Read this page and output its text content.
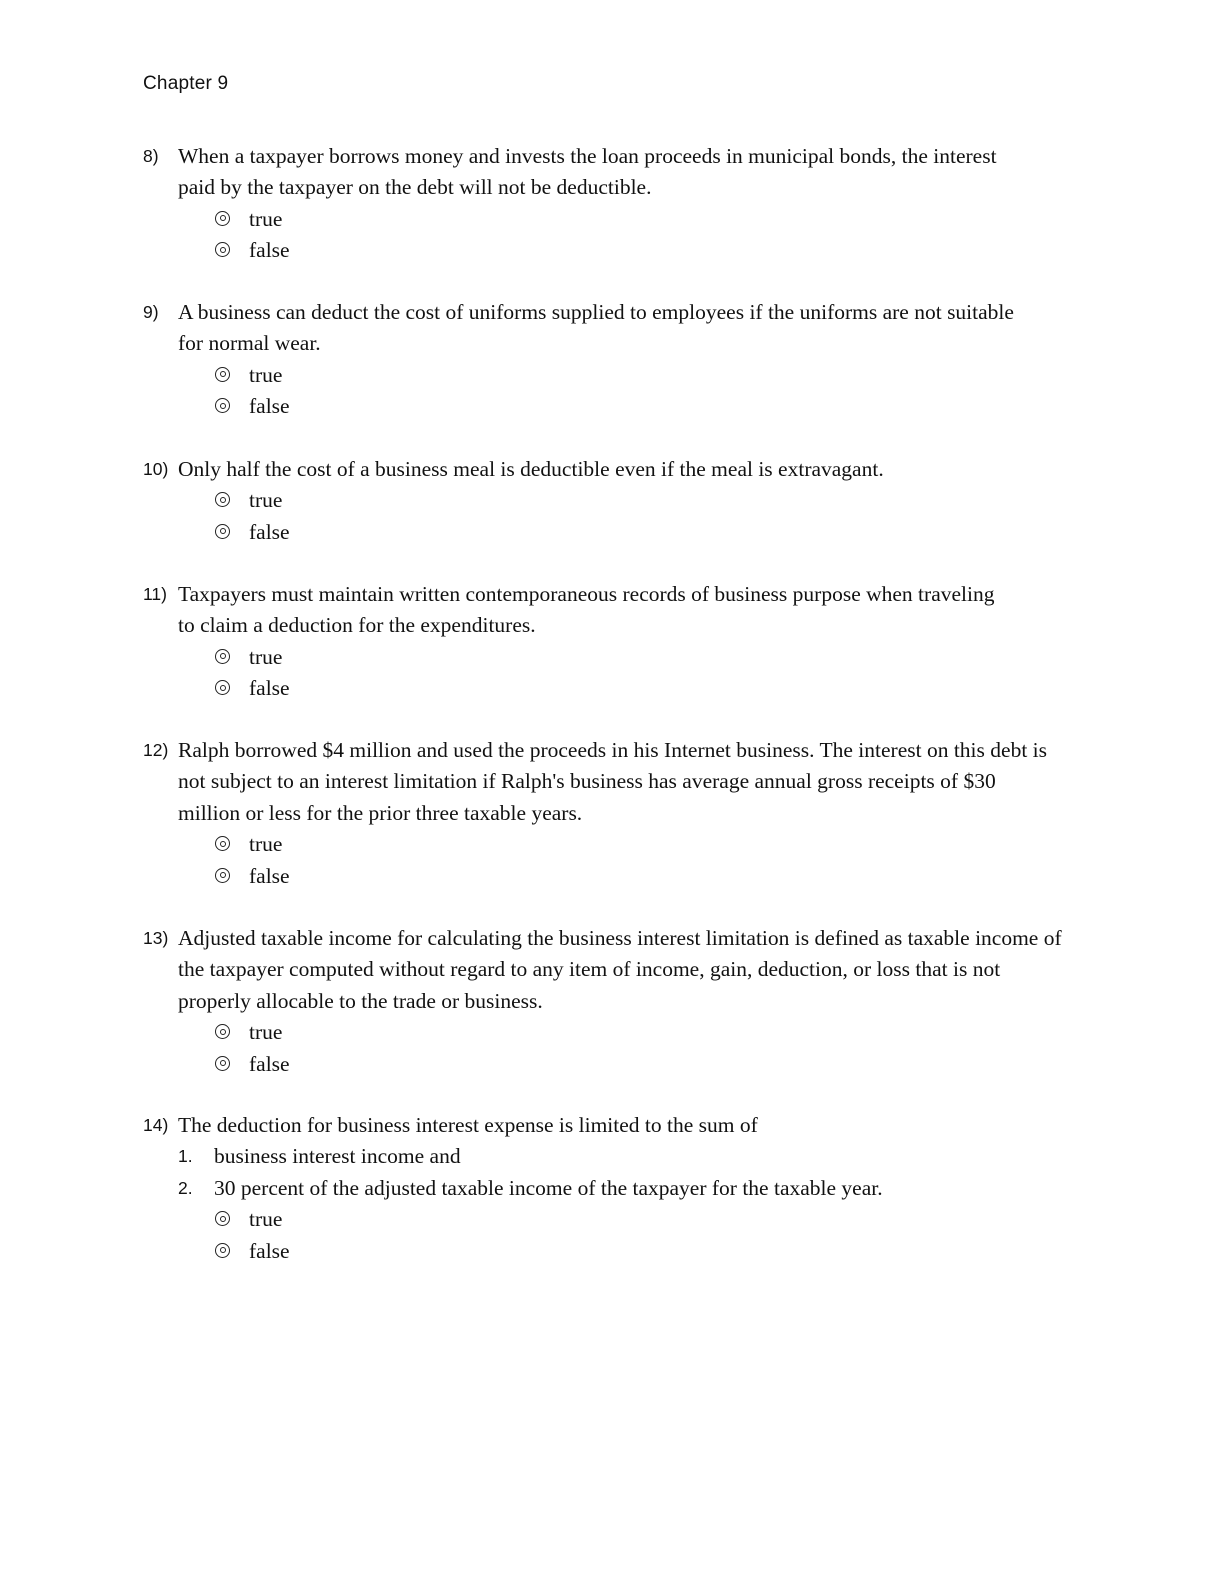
Chapter 9
8) When a taxpayer borrows money and invests the loan proceeds in municipal bonds, the interest paid by the taxpayer on the debt will not be deductible.
true
false
9) A business can deduct the cost of uniforms supplied to employees if the uniforms are not suitable for normal wear.
true
false
10) Only half the cost of a business meal is deductible even if the meal is extravagant.
true
false
11) Taxpayers must maintain written contemporaneous records of business purpose when traveling to claim a deduction for the expenditures.
true
false
12) Ralph borrowed $4 million and used the proceeds in his Internet business. The interest on this debt is not subject to an interest limitation if Ralph's business has average annual gross receipts of $30 million or less for the prior three taxable years.
true
false
13) Adjusted taxable income for calculating the business interest limitation is defined as taxable income of the taxpayer computed without regard to any item of income, gain, deduction, or loss that is not properly allocable to the trade or business.
true
false
14) The deduction for business interest expense is limited to the sum of
1. business interest income and
2. 30 percent of the adjusted taxable income of the taxpayer for the taxable year.
true
false
